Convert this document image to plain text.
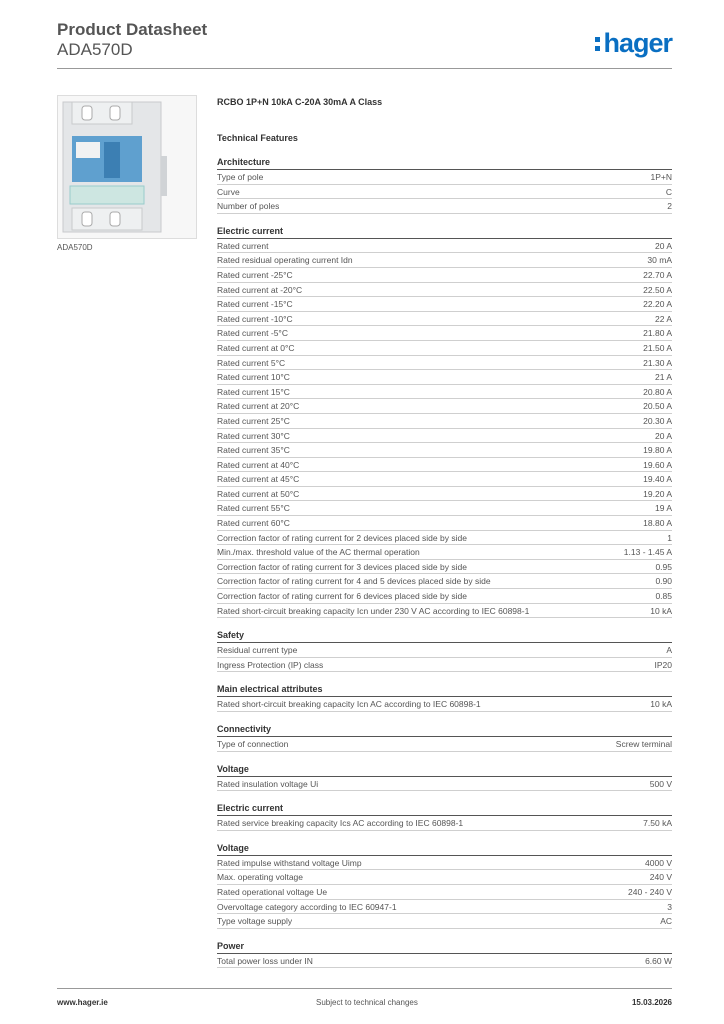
Product Datasheet
ADA570D	hager
ADA570D
RCBO 1P+N 10kA C-20A 30mA A Class
Technical Features
Architecture
Type of pole	1P+N
Curve	C
Number of poles	2
Electric current
Rated current	20 A
Rated residual operating current Idn	30 mA
Rated current -25°C	22.70 A
Rated current at -20°C	22.50 A
Rated current -15°C	22.20 A
Rated current -10°C	22 A
Rated current -5°C	21.80 A
Rated current at 0°C	21.50 A
Rated current 5°C	21.30 A
Rated current 10°C	21 A
Rated current 15°C	20.80 A
Rated current at 20°C	20.50 A
Rated current 25°C	20.30 A
Rated current 30°C	20 A
Rated current 35°C	19.80 A
Rated current at 40°C	19.60 A
Rated current at 45°C	19.40 A
Rated current at 50°C	19.20 A
Rated current 55°C	19 A
Rated current 60°C	18.80 A
Correction factor of rating current for 2 devices placed side by side	1
Min./max. threshold value of the AC thermal operation	1.13 - 1.45 A
Correction factor of rating current for 3 devices placed side by side	0.95
Correction factor of rating current for 4 and 5 devices placed side by side	0.90
Correction factor of rating current for 6 devices placed side by side	0.85
Rated short-circuit breaking capacity Icn under 230 V AC according to IEC 60898-1	10 kA
Safety
Residual current type	A
Ingress Protection (IP) class	IP20
Main electrical attributes
Rated short-circuit breaking capacity Icn AC according to IEC 60898-1	10 kA
Connectivity
Type of connection	Screw terminal
Voltage
Rated insulation voltage Ui	500 V
Electric current
Rated service breaking capacity Ics AC according to IEC 60898-1	7.50 kA
Voltage
Rated impulse withstand voltage Uimp	4000 V
Max. operating voltage	240 V
Rated operational voltage Ue	240 - 240 V
Overvoltage category according to IEC 60947-1	3
Type voltage supply	AC
Power
Total power loss under IN	6.60 W
www.hager.ie	Subject to technical changes	15.03.2026
